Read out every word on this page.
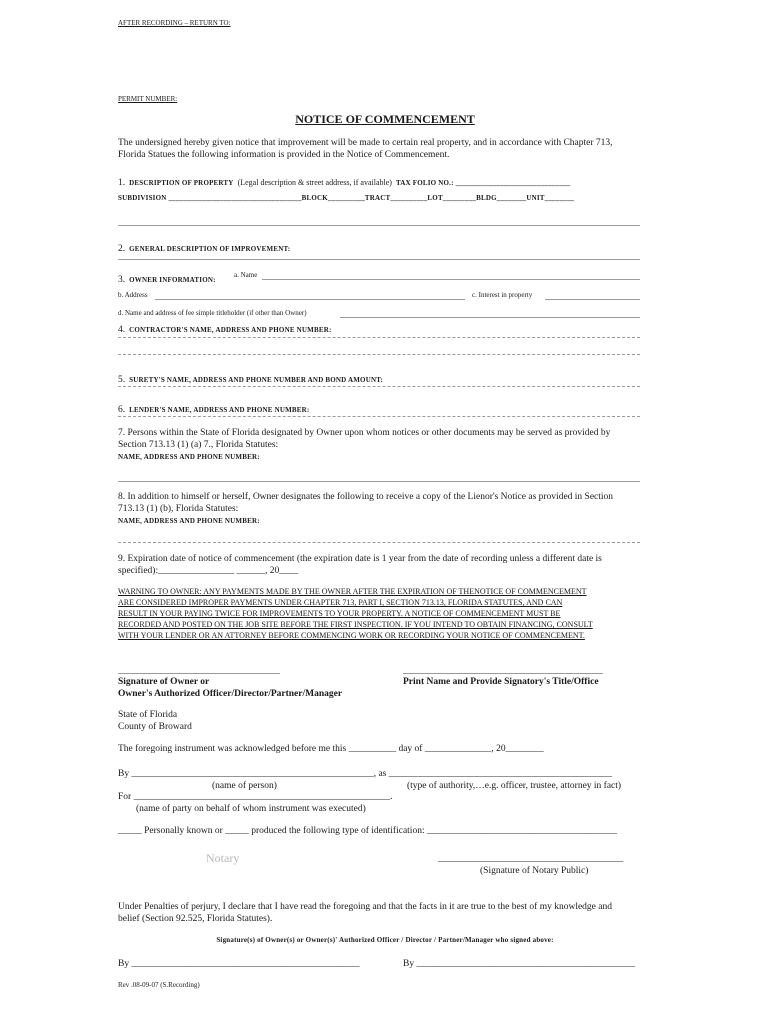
AFTER RECORDING – RETURN TO:
PERMIT NUMBER:
NOTICE OF COMMENCEMENT
The undersigned hereby given notice that improvement will be made to certain real property, and in accordance with Chapter 713,
Florida Statues the following information is provided in the Notice of Commencement.
1. DESCRIPTION OF PROPERTY (Legal description & street address, if available) TAX FOLIO NO.: _______________________________
SUBDIVISION ____________________________________BLOCK__________TRACT__________LOT_________BLDG________UNIT________
2. GENERAL DESCRIPTION OF IMPROVEMENT:
3. OWNER INFORMATION:
a. Name
b. Address	c. Interest in property
d. Name and address of fee simple titleholder (if other than Owner)
4. CONTRACTOR'S NAME, ADDRESS AND PHONE NUMBER:
5. SURETY'S NAME, ADDRESS AND PHONE NUMBER AND BOND AMOUNT:
6. LENDER'S NAME, ADDRESS AND PHONE NUMBER:
7. Persons within the State of Florida designated by Owner upon whom notices or other documents may be served as provided by
Section 713.13 (1) (a) 7., Florida Statutes:
NAME, ADDRESS AND PHONE NUMBER:
8. In addition to himself or herself, Owner designates the following to receive a copy of the Lienor's Notice as provided in Section
713.13 (1) (b), Florida Statutes:
NAME, ADDRESS AND PHONE NUMBER:
9. Expiration date of notice of commencement (the expiration date is 1 year from the date of recording unless a different date is
specified):________________ ______, 20____
WARNING TO OWNER: ANY PAYMENTS MADE BY THE OWNER AFTER THE EXPIRATION OF THENOTICE OF COMMENCEMENT
ARE CONSIDERED IMPROPER PAYMENTS UNDER CHAPTER 713, PART I, SECTION 713.13, FLORIDA STATUTES, AND CAN
RESULT IN YOUR PAYING TWICE FOR IMPROVEMENTS TO YOUR PROPERTY. A NOTICE OF COMMENCEMENT MUST BE
RECORDED AND POSTED ON THE JOB SITE BEFORE THE FIRST INSPECTION. IF YOU INTEND TO OBTAIN FINANCING, CONSULT
WITH YOUR LENDER OR AN ATTORNEY BEFORE COMMENCING WORK OR RECORDING YOUR NOTICE OF COMMENCEMENT.
Signature of Owner or
Owner's Authorized Officer/Director/Partner/Manager
Print Name and Provide Signatory's Title/Office
State of Florida
County of Broward
The foregoing instrument was acknowledged before me this __________ day of ______________, 20________
By ___________________________________________________, as _______________________________________________
(name of person)	(type of authority,…e.g. officer, trustee, attorney in fact)
For ______________________________________________________.
(name of party on behalf of whom instrument was executed)
_____ Personally known or _____ produced the following type of identification: ________________________________________
Notary	_______________________________________
(Signature of Notary Public)
Under Penalties of perjury, I declare that I have read the foregoing and that the facts in it are true to the best of my knowledge and
belief (Section 92.525, Florida Statutes).
Signature(s) of Owner(s) or Owner(s)' Authorized Officer / Director / Partner/Manager who signed above:
By ________________________________________________	By ______________________________________________
Rev .08-09-07 (S.Recording)
